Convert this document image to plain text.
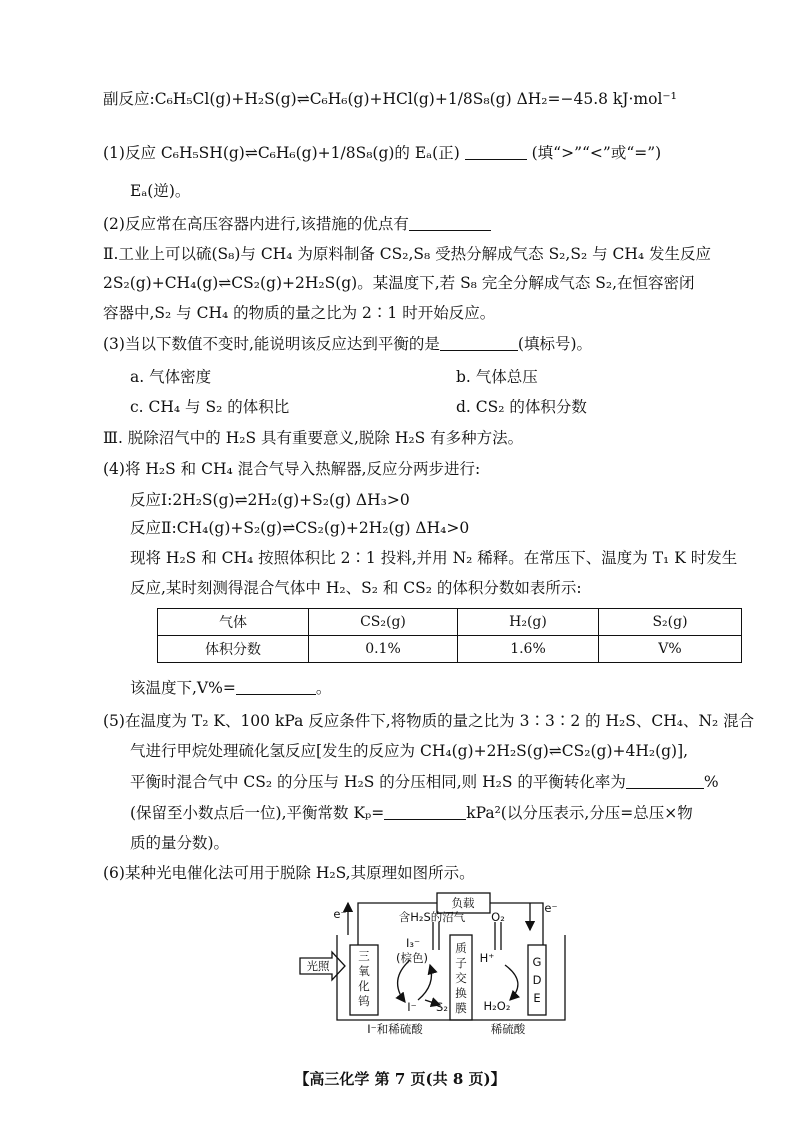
副反应:C₆H₅Cl(g)+H₂S(g)⇌C₆H₆(g)+HCl(g)+1/8S₈(g) ΔH₂=−45.8 kJ·mol⁻¹
(1)反应 C₆H₅SH(g)⇌C₆H₆(g)+1/8S₈(g)的 Eₐ(正)	(填“>”“<”或“=”)
Eₐ(逆)。
(2)反应常在高压容器内进行,该措施的优点有
Ⅱ.工业上可以硫(S₈)与 CH₄ 为原料制备 CS₂,S₈ 受热分解成气态 S₂,S₂ 与 CH₄ 发生反应
2S₂(g)+CH₄(g)⇌CS₂(g)+2H₂S(g)。某温度下,若 S₈ 完全分解成气态 S₂,在恒容密闭
容器中,S₂ 与 CH₄ 的物质的量之比为 2∶1 时开始反应。
(3)当以下数值不变时,能说明该反应达到平衡的是	(填标号)。
a. 气体密度	b. 气体总压
c. CH₄ 与 S₂ 的体积比	d. CS₂ 的体积分数
Ⅲ. 脱除沼气中的 H₂S 具有重要意义,脱除 H₂S 有多种方法。
(4)将 H₂S 和 CH₄ 混合气导入热解器,反应分两步进行:
反应Ⅰ:2H₂S(g)⇌2H₂(g)+S₂(g) ΔH₃>0
反应Ⅱ:CH₄(g)+S₂(g)⇌CS₂(g)+2H₂(g) ΔH₄>0
现将 H₂S 和 CH₄ 按照体积比 2∶1 投料,并用 N₂ 稀释。在常压下、温度为 T₁ K 时发生
反应,某时刻测得混合气体中 H₂、S₂ 和 CS₂ 的体积分数如表所示:
气体	CS₂(g)	H₂(g)	S₂(g)
体积分数	0.1%	1.6%	V%
该温度下,V%=	。
(5)在温度为 T₂ K、100 kPa 反应条件下,将物质的量之比为 3∶3∶2 的 H₂S、CH₄、N₂ 混合
气进行甲烷处理硫化氢反应[发生的反应为 CH₄(g)+2H₂S(g)⇌CS₂(g)+4H₂(g)],
平衡时混合气中 CS₂ 的分压与 H₂S 的分压相同,则 H₂S 的平衡转化率为	%
(保留至小数点后一位),平衡常数 Kₚ=	kPa²(以分压表示,分压=总压×物
质的量分数)。
(6)某种光电催化法可用于脱除 H₂S,其原理如图所示。
负载
e⁻	e⁻
含H₂S的沼气 O₂
光照
三
氧
化
钨
I₃⁻
(棕色)
I⁻ S₂
质
子
交
换
膜
H⁺	G
D
E
H₂O₂
I⁻和稀硫酸	稀硫酸
【高三化学 第 7 页(共 8 页)】
